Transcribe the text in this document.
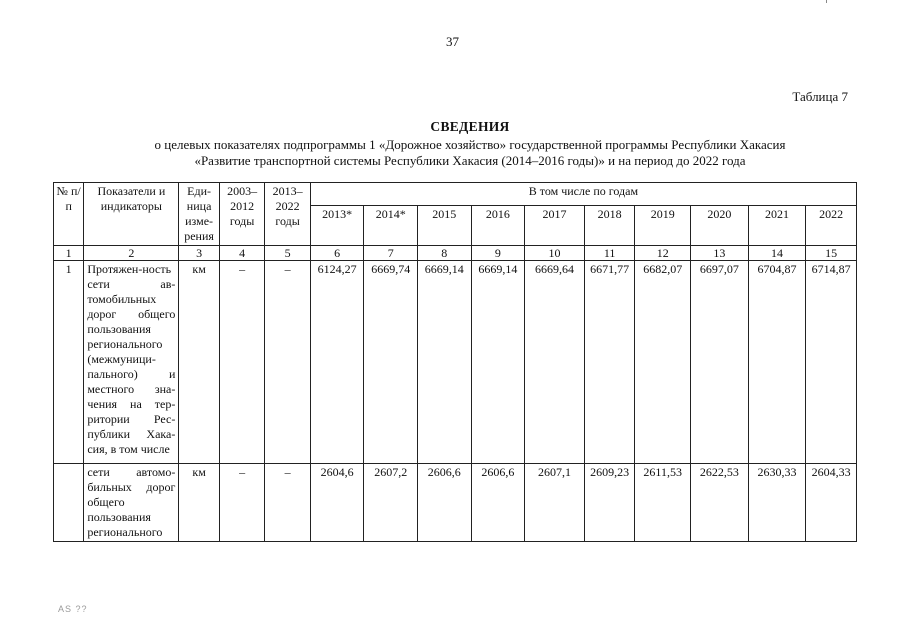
37
Таблица 7
СВЕДЕНИЯ
о целевых показателях подпрограммы 1 «Дорожное хозяйство» государственной программы Республики Хакасия
«Развитие транспортной системы Республики Хакасия (2014–2016 годы)» и на период до 2022 года
№ п/п	Показатели и индикаторы	Еди-ница изме-рения	2003–2012 годы	2013–2022 годы	В том числе по годам									
					2013*	2014*	2015	2016	2017	2018	2019	2020	2021	2022
1	2	3	4	5	6	7	8	9	10	11	12	13	14	15
1	Протяжен-ность сети ав-томобильных дорог общего пользования регионального (межмуници-пального) и местного зна-чения на тер-ритории Рес-публики Хака-сия, в том числе	км	–	–	6124,27	6669,74	6669,14	6669,14	6669,64	6671,77	6682,07	6697,07	6704,87	6714,87
	сети автомо-бильных дорог общего пользования регионального	км	–	–	2604,6	2607,2	2606,6	2606,6	2607,1	2609,23	2611,53	2622,53	2630,33	2604,33
AS ??
